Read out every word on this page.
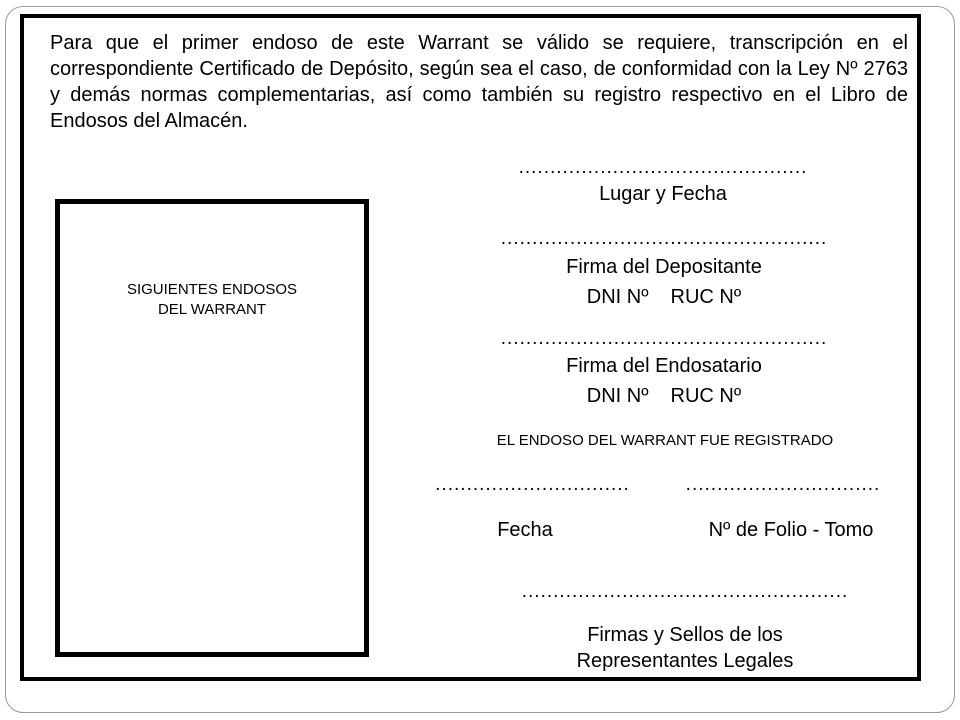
Para que el primer endoso de este Warrant se válido se requiere, transcripción en el correspondiente Certificado de Depósito, según sea el caso, de conformidad con la Ley Nº 2763 y demás normas complementarias, así como también su registro respectivo en el Libro de Endosos del Almacén.

SIGUIENTES ENDOSOS
DEL WARRANT
..............................................
Lugar y Fecha
....................................................
Firma del Depositante
DNI Nº RUC Nº
....................................................
Firma del Endosatario
DNI Nº RUC Nº
EL ENDOSO DEL WARRANT FUE REGISTRADO
...............................	...............................
Fecha	Nº de Folio - Tomo
....................................................
Firmas y Sellos de los
Representantes Legales
